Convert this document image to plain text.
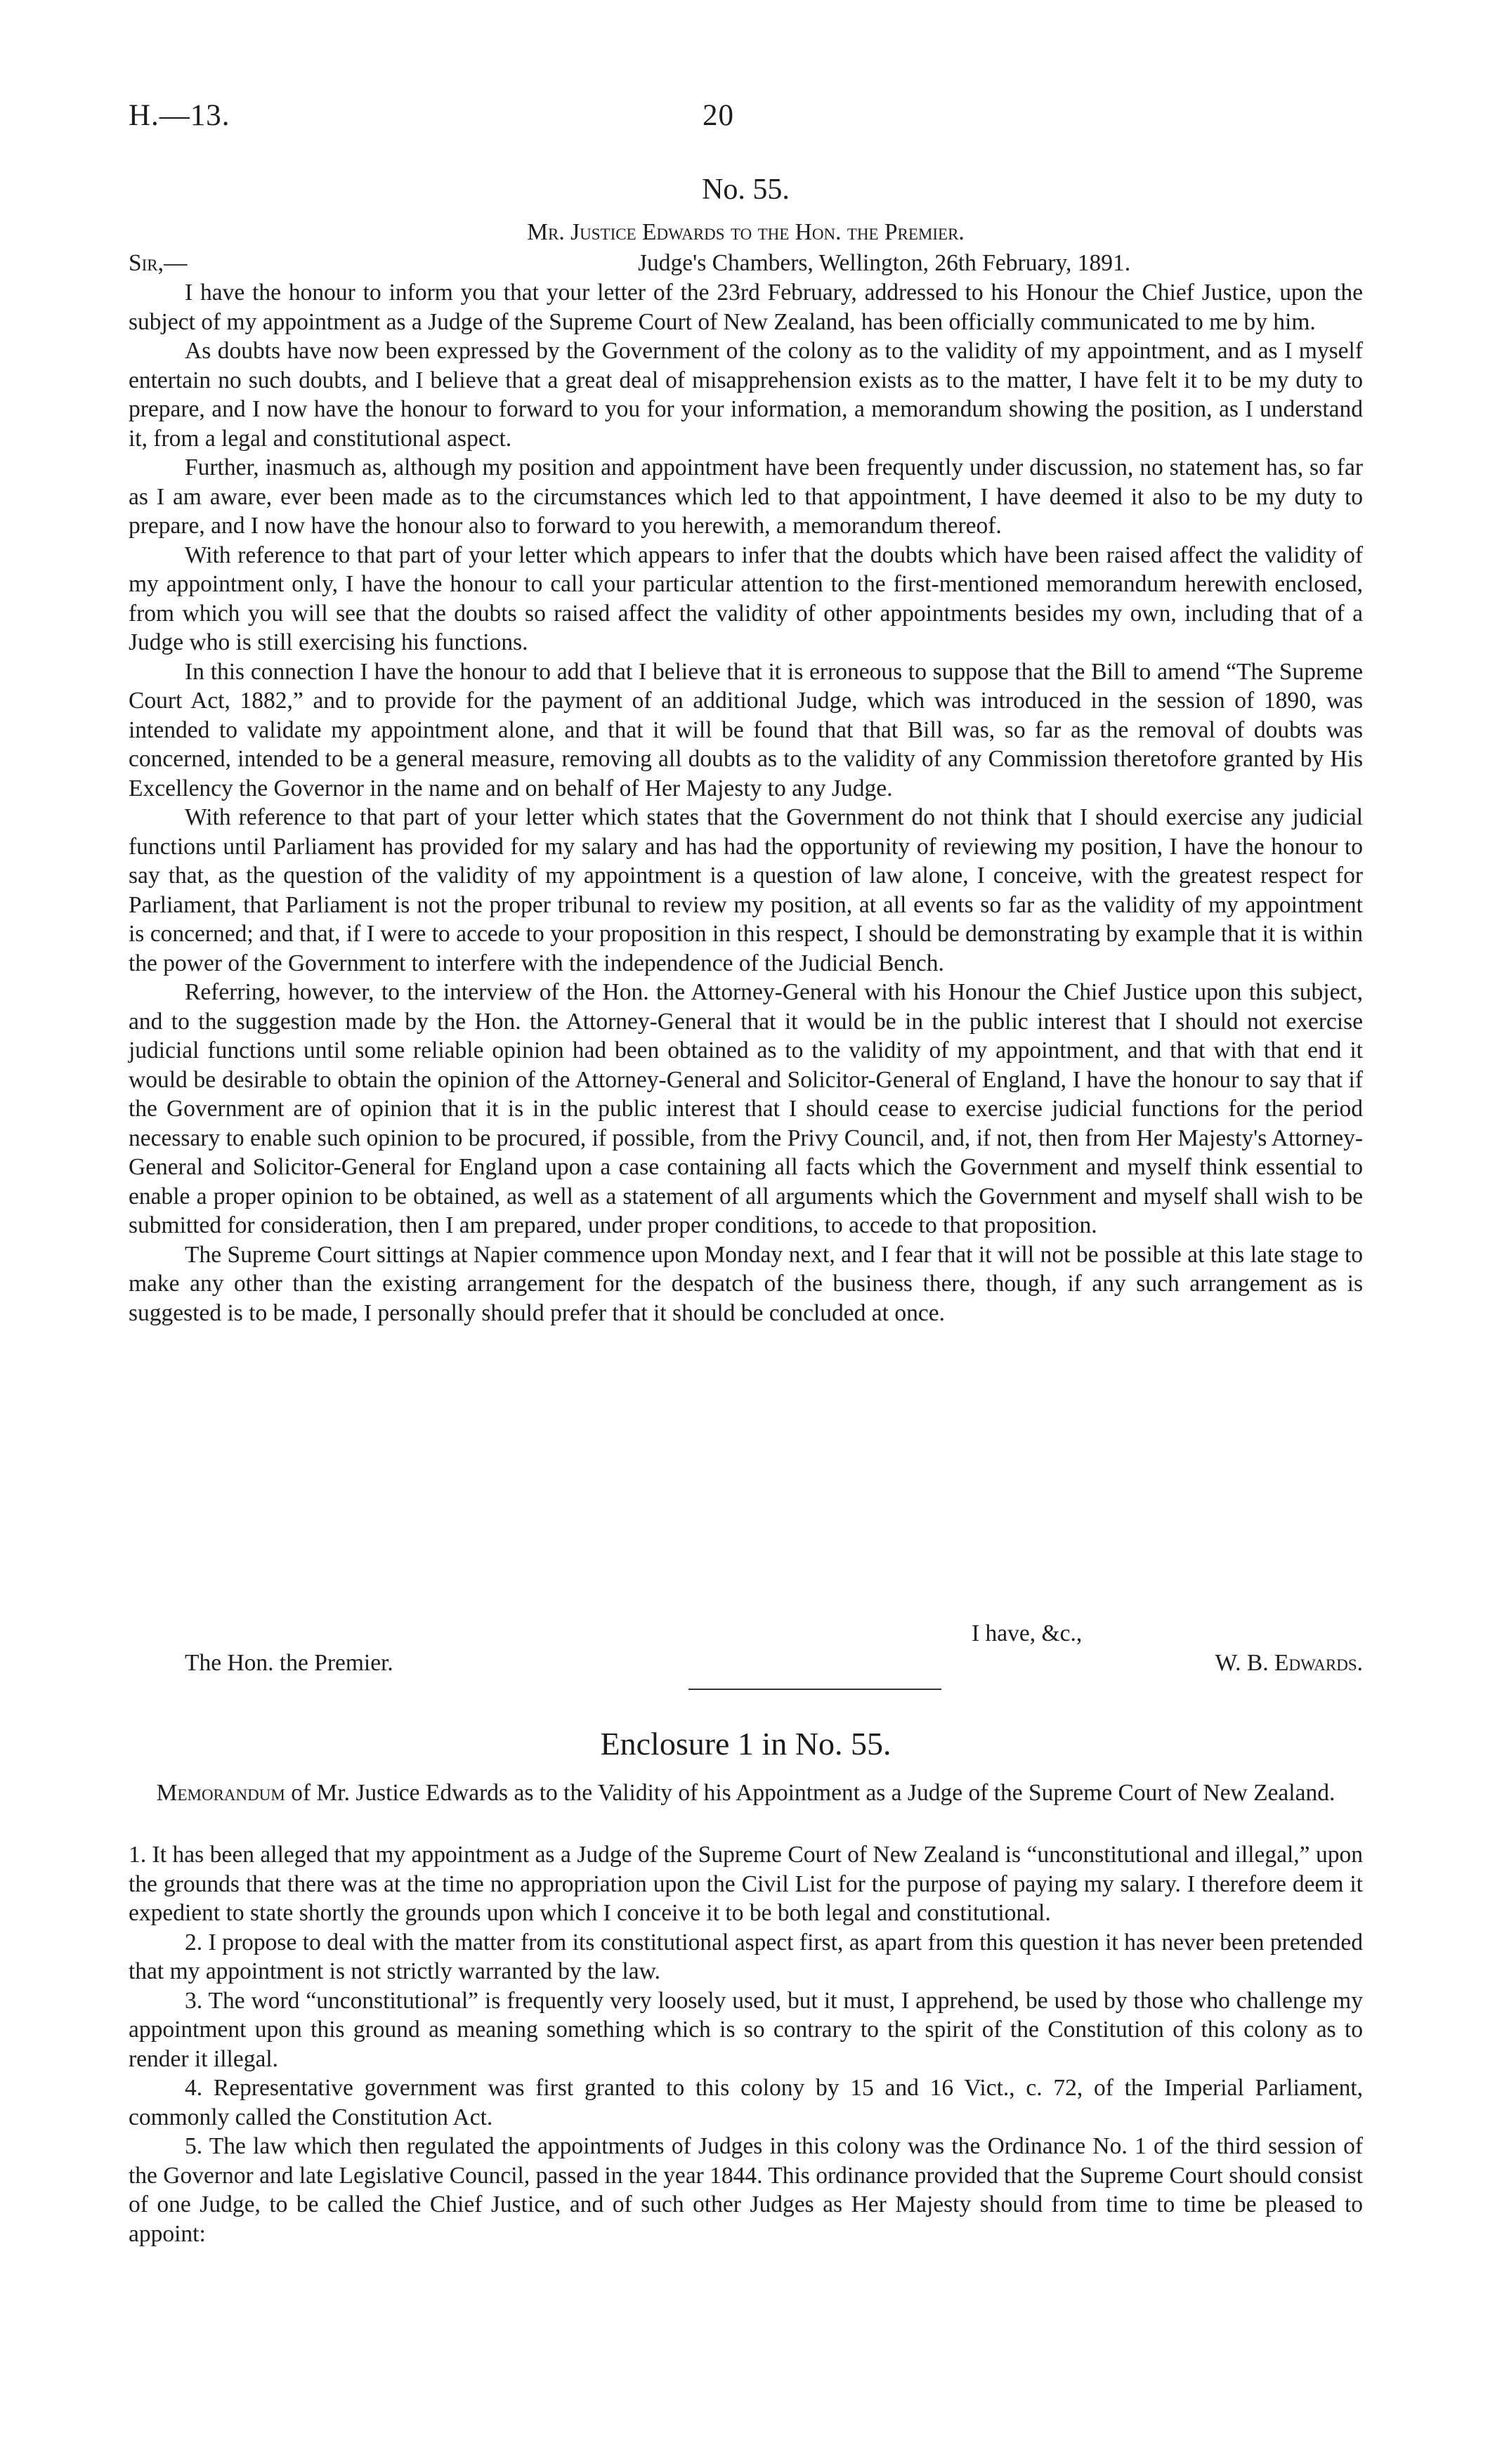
H.—13.	20
No. 55.
Mr. Justice Edwards to the Hon. the Premier.
Sir,—	Judge's Chambers, Wellington, 26th February, 1891.

I have the honour to inform you that your letter of the 23rd February, addressed to his Honour the Chief Justice, upon the subject of my appointment as a Judge of the Supreme Court of New Zealand, has been officially communicated to me by him.

As doubts have now been expressed by the Government of the colony as to the validity of my appointment, and as I myself entertain no such doubts, and I believe that a great deal of misapprehension exists as to the matter, I have felt it to be my duty to prepare, and I now have the honour to forward to you for your information, a memorandum showing the position, as I understand it, from a legal and constitutional aspect.

Further, inasmuch as, although my position and appointment have been frequently under discussion, no statement has, so far as I am aware, ever been made as to the circumstances which led to that appointment, I have deemed it also to be my duty to prepare, and I now have the honour also to forward to you herewith, a memorandum thereof.

With reference to that part of your letter which appears to infer that the doubts which have been raised affect the validity of my appointment only, I have the honour to call your particular attention to the first-mentioned memorandum herewith enclosed, from which you will see that the doubts so raised affect the validity of other appointments besides my own, including that of a Judge who is still exercising his functions.

In this connection I have the honour to add that I believe that it is erroneous to suppose that the Bill to amend “The Supreme Court Act, 1882,” and to provide for the payment of an additional Judge, which was introduced in the session of 1890, was intended to validate my appointment alone, and that it will be found that that Bill was, so far as the removal of doubts was concerned, intended to be a general measure, removing all doubts as to the validity of any Commission theretofore granted by His Excellency the Governor in the name and on behalf of Her Majesty to any Judge.

With reference to that part of your letter which states that the Government do not think that I should exercise any judicial functions until Parliament has provided for my salary and has had the opportunity of reviewing my position, I have the honour to say that, as the question of the validity of my appointment is a question of law alone, I conceive, with the greatest respect for Parliament, that Parliament is not the proper tribunal to review my position, at all events so far as the validity of my appointment is concerned; and that, if I were to accede to your proposition in this respect, I should be demonstrating by example that it is within the power of the Government to interfere with the independence of the Judicial Bench.

Referring, however, to the interview of the Hon. the Attorney-General with his Honour the Chief Justice upon this subject, and to the suggestion made by the Hon. the Attorney-General that it would be in the public interest that I should not exercise judicial functions until some reliable opinion had been obtained as to the validity of my appointment, and that with that end it would be desirable to obtain the opinion of the Attorney-General and Solicitor-General of England, I have the honour to say that if the Government are of opinion that it is in the public interest that I should cease to exercise judicial functions for the period necessary to enable such opinion to be procured, if possible, from the Privy Council, and, if not, then from Her Majesty's Attorney-General and Solicitor-General for England upon a case containing all facts which the Government and myself think essential to enable a proper opinion to be obtained, as well as a statement of all arguments which the Government and myself shall wish to be submitted for consideration, then I am prepared, under proper conditions, to accede to that proposition.

The Supreme Court sittings at Napier commence upon Monday next, and I fear that it will not be possible at this late stage to make any other than the existing arrangement for the despatch of the business there, though, if any such arrangement as is suggested is to be made, I personally should prefer that it should be concluded at once.

I have, &c.,
The Hon. the Premier.	W. B. Edwards.
Enclosure 1 in No. 55.
Memorandum of Mr. Justice Edwards as to the Validity of his Appointment as a Judge of the Supreme Court of New Zealand.

1. It has been alleged that my appointment as a Judge of the Supreme Court of New Zealand is “unconstitutional and illegal,” upon the grounds that there was at the time no appropriation upon the Civil List for the purpose of paying my salary. I therefore deem it expedient to state shortly the grounds upon which I conceive it to be both legal and constitutional.

2. I propose to deal with the matter from its constitutional aspect first, as apart from this question it has never been pretended that my appointment is not strictly warranted by the law.

3. The word “unconstitutional” is frequently very loosely used, but it must, I apprehend, be used by those who challenge my appointment upon this ground as meaning something which is so contrary to the spirit of the Constitution of this colony as to render it illegal.

4. Representative government was first granted to this colony by 15 and 16 Vict., c. 72, of the Imperial Parliament, commonly called the Constitution Act.

5. The law which then regulated the appointments of Judges in this colony was the Ordinance No. 1 of the third session of the Governor and late Legislative Council, passed in the year 1844. This ordinance provided that the Supreme Court should consist of one Judge, to be called the Chief Justice, and of such other Judges as Her Majesty should from time to time be pleased to appoint:
